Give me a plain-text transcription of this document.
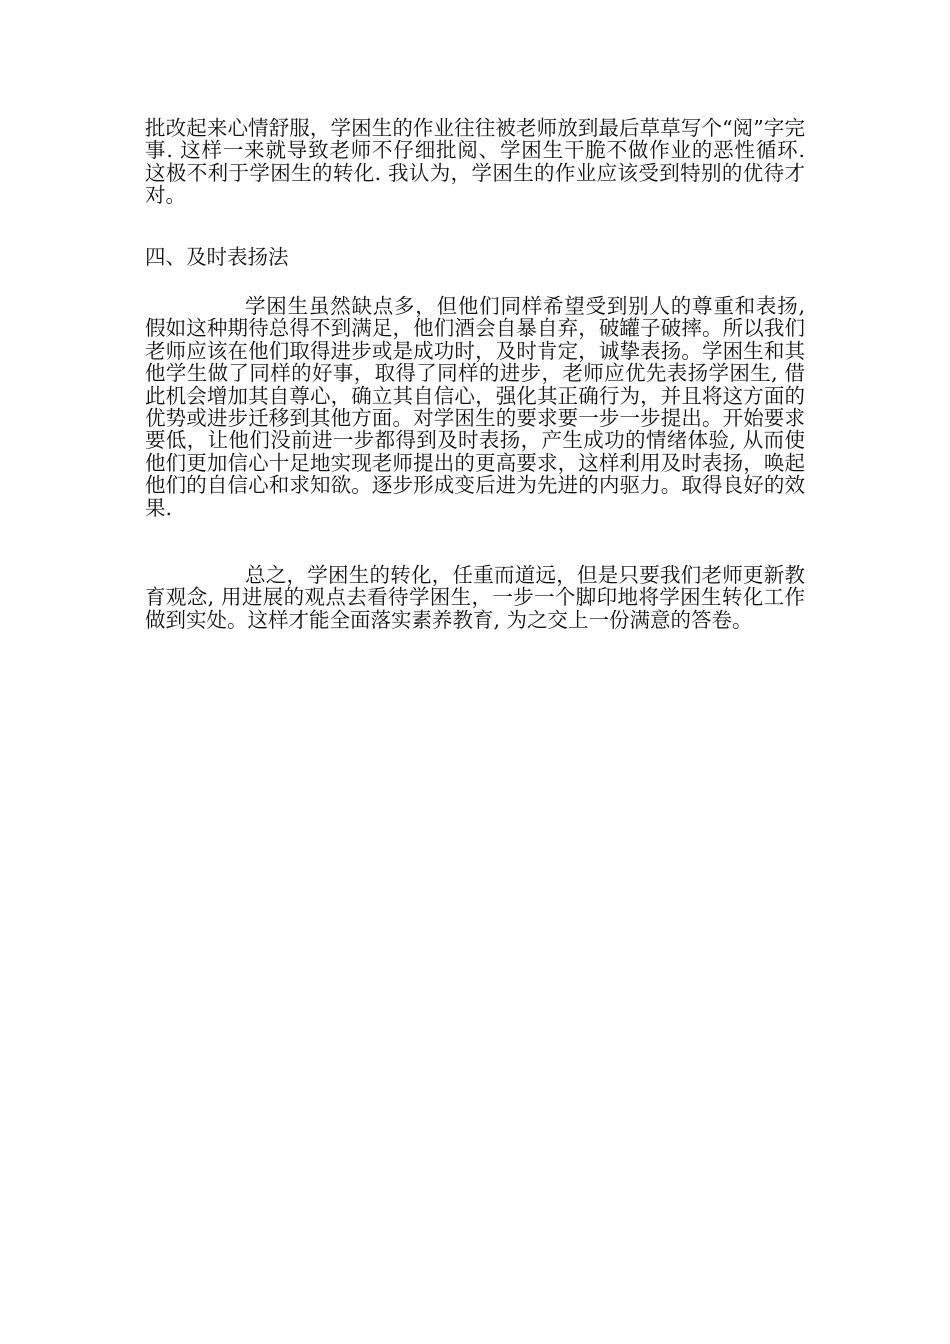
批改起来心情舒服，学困生的作业往往被老师放到最后草草写个“阅”字完事. 这样一来就导致老师不仔细批阅、学困生干脆不做作业的恶性循环. 这极不利于学困生的转化. 我认为，学困生的作业应该受到特别的优待才对。

四、及时表扬法

学困生虽然缺点多，但他们同样希望受到别人的尊重和表扬, 假如这种期待总得不到满足，他们酒会自暴自弃，破罐子破摔。所以我们老师应该在他们取得进步或是成功时，及时肯定，诚挚表扬。学困生和其他学生做了同样的好事，取得了同样的进步，老师应优先表扬学困生, 借此机会增加其自尊心，确立其自信心，强化其正确行为，并且将这方面的优势或进步迁移到其他方面。对学困生的要求要一步一步提出。开始要求要低，让他们没前进一步都得到及时表扬，产生成功的情绪体验, 从而使他们更加信心十足地实现老师提出的更高要求，这样利用及时表扬，唤起他们的自信心和求知欲。逐步形成变后进为先进的内驱力。取得良好的效果.

总之，学困生的转化，任重而道远，但是只要我们老师更新教育观念, 用进展的观点去看待学困生，一步一个脚印地将学困生转化工作做到实处。这样才能全面落实素养教育, 为之交上一份满意的答卷。
